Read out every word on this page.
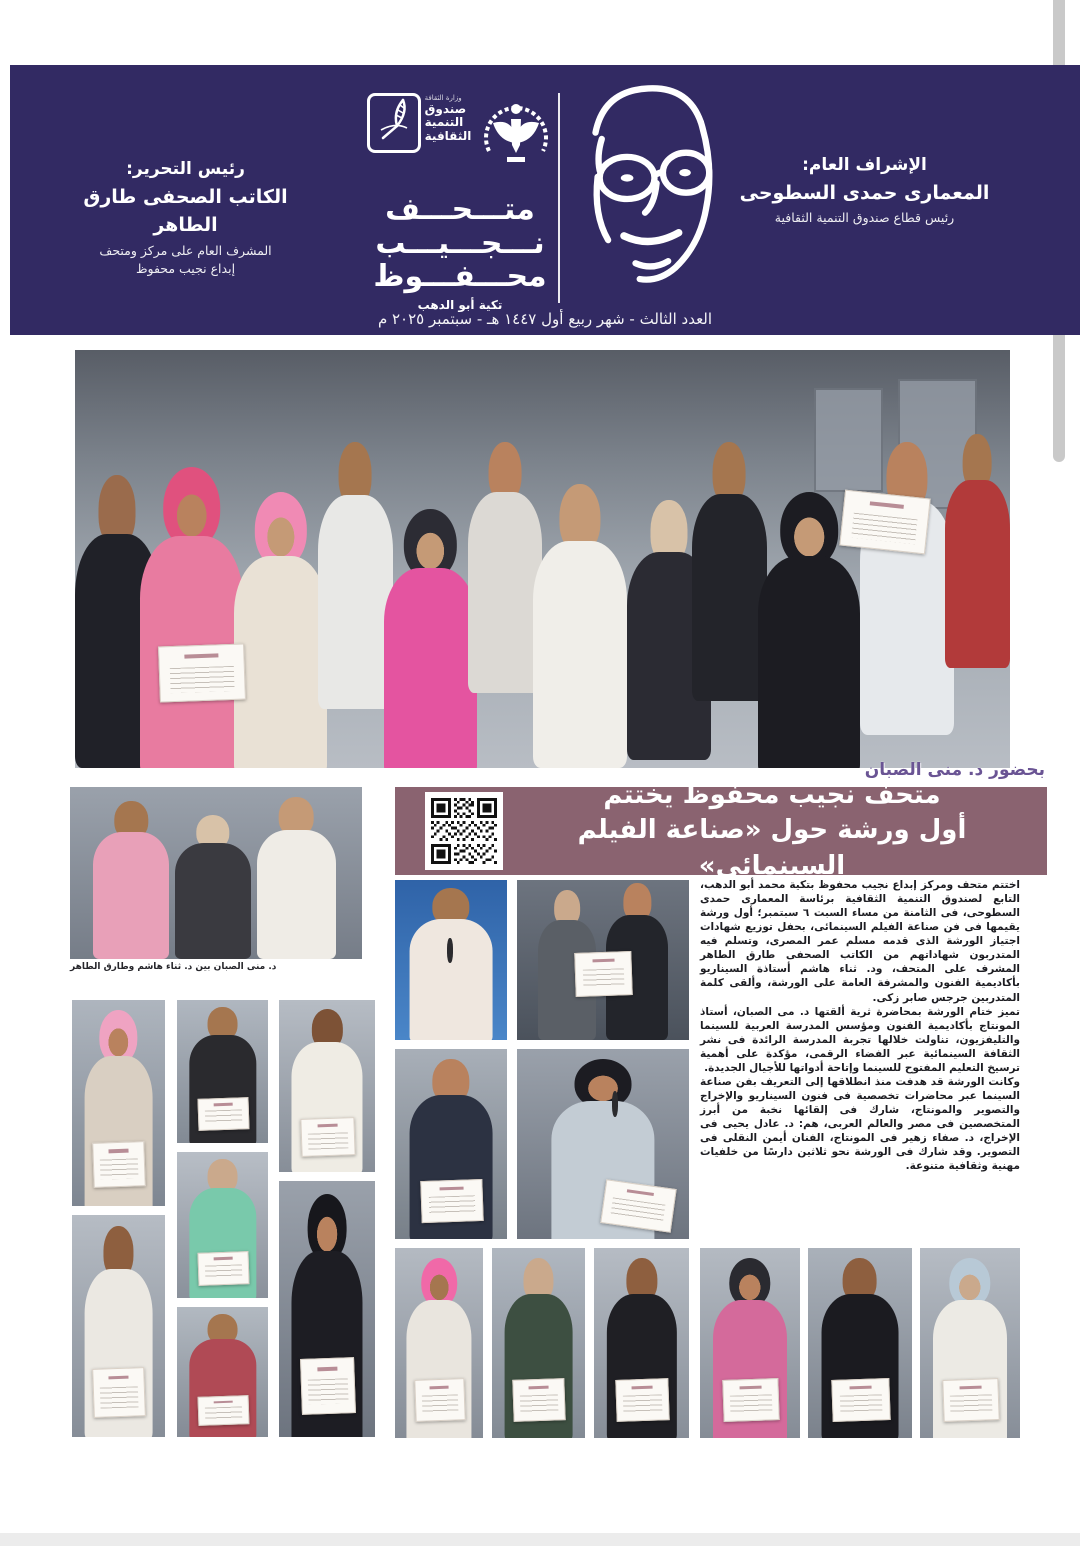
الإشراف العام:
المعمارى حمدى السطوحى
رئيس قطاع صندوق التنمية الثقافية
رئيس التحرير:
الكاتب الصحفى طارق الطاهر
المشرف العام على مركز ومتحف
إبداع نجيب محفوظ
وزارة الثقافة
صندوق
التنمية
الثقافية
متـــحـــف
نـــجـــيـــب
محـــفـــوظ
تكية أبو الدهب
العدد الثالث - شهر ربيع أول ١٤٤٧ هـ - سبتمبر ٢٠٢٥ م
بحضور د. منى الصبان
متحف نجيب محفوظ يختتم
أول ورشة حول «صناعة الفيلم السينمائى»
د. منى الصبان بين د. ثناء هاشم وطارق الطاهر

اختتم متحف ومركز إبداع نجيب محفوظ بتكية محمد أبو الدهب، التابع لصندوق التنمية الثقافية برئاسة المعمارى حمدى السطوحى، فى الثامنة من مساء السبت ٦ سبتمبر؛ أول ورشة يقيمها فى فن صناعة الفيلم السينمائى، بحفل توزيع شهادات اجتياز الورشة الذى قدمه مسلم عمر المصرى، وتسلم فيه المتدربون شهاداتهم من الكاتب الصحفى طارق الطاهر المشرف على المتحف، ود. ثناء هاشم أستاذة السيناريو بأكاديمية الفنون والمشرفة العامة على الورشة، وألقى كلمة المتدربين جرجس صابر زكى.

تميز ختام الورشة بمحاضرة ثرية ألقتها د. مى الصبان، أستاذ المونتاج بأكاديمية الفنون ومؤسس المدرسة العربية للسينما والتليفزيون، تناولت خلالها تجربة المدرسة الرائدة فى نشر الثقافة السينمائية عبر الفضاء الرقمى، مؤكدة على أهمية ترسيخ التعليم المفتوح للسينما وإتاحة أدواتها للأجيال الجديدة.

وكانت الورشة قد هدفت منذ انطلاقها إلى التعريف بفن صناعة السينما عبر محاضرات تخصصية فى فنون السيناريو والإخراج والتصوير والمونتاج، شارك فى إلقائها نخبة من أبرز المتخصصين فى مصر والعالم العربى، هم: د. عادل يحيى فى الإخراج، د. صفاء زهير فى المونتاج، الفنان أيمن النقلى فى التصوير. وقد شارك فى الورشة نحو ثلاثين دارسًا من خلفيات مهنية وثقافية متنوعة.
